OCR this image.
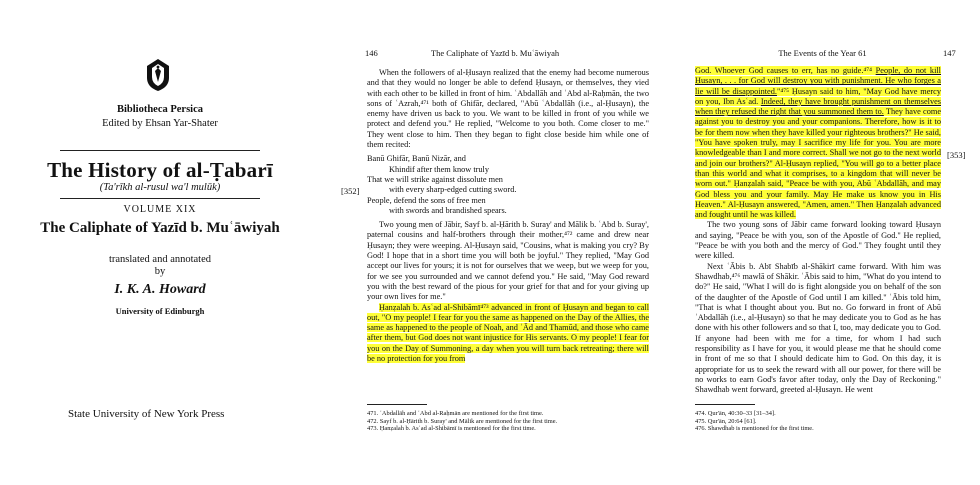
Bibliotheca Persica
Edited by Ehsan Yar-Shater
The History of al-Ṭabarī
(Ta'rīkh al-rusul wa'l mulūk)
VOLUME XIX
The Caliphate of Yazīd b. Muʿāwiyah
translated and annotated
by
I. K. A. Howard
University of Edinburgh
State University of New York Press
146	The Caliphate of Yazīd b. Muʿāwiyah
[352]

When the followers of al-Ḥusayn realized that the enemy had become numerous and that they would no longer be able to defend Ḥusayn, or themselves, they vied with each other to be killed in front of him. ʿAbdallāh and ʿAbd al-Raḥmān, the two sons of ʿAzrah,⁴⁷¹ both of Ghifār, declared, "Abū ʿAbdallāh (i.e., al-Ḥusayn), the enemy have driven us back to you. We want to be killed in front of you while we protect and defend you." He replied, "Welcome to you both. Come closer to me." They went close to him. Then they began to fight close beside him while one of them recited:

Banū Ghifār, Banū Nizār, and
Khindif after them know truly
That we will strike against dissolute men
with every sharp-edged cutting sword.
People, defend the sons of free men
with swords and brandished spears.

Two young men of Jābir, Sayf b. al-Ḥārith b. Suray' and Mālik b. ʿAbd b. Suray', paternal cousins and half-brothers through their mother,⁴⁷² came and drew near Ḥusayn; they were weeping. Al-Ḥusayn said, "Cousins, what is making you cry? By God! I hope that in a short time you will both be joyful." They replied, "May God accept our lives for yours; it is not for ourselves that we weep, but we weep for you, for we see you surrounded and we cannot defend you." He said, "May God reward you with the best reward of the pious for your grief for that and for your giving up your own lives for me."

Ḥanẓalah b. Asʿad al-Shibāmī⁴⁷³ advanced in front of Ḥusayn and began to call out, "O my people! I fear for you the same as happened on the Day of the Allies, the same as happened to the people of Noah, and ʿĀd and Thamūd, and those who came after them, but God does not want injustice for His servants. O my people! I fear for you on the Day of Summoning, a day when you will turn back retreating; there will be no protection for you from

471. ʿAbdallāh and ʿAbd al-Raḥmān are mentioned for the first time.
472. Sayf b. al-Ḥārith b. Suray' and Mālik are mentioned for the first time.
473. Ḥanẓalah b. Asʿad al-Shibāmī is mentioned for the first time.
The Events of the Year 61	147
[353]

God. Whoever God causes to err, has no guide.⁴⁷⁴ People, do not kill Ḥusayn, . . . for God will destroy you with punishment. He who forges a lie will be disappointed."⁴⁷⁵ Ḥusayn said to him, "May God have mercy on you, Ibn Asʿad. Indeed, they have brought punishment on themselves when they refused the right that you summoned them to. They have come against you to destroy you and your companions. Therefore, how is it to be for them now when they have killed your righteous brothers?" He said, "You have spoken truly, may I sacrifice my life for you. You are more knowledgeable than I and more correct. Shall we not go to the next world and join our brothers?" Al-Ḥusayn replied, "You will go to a better place than this world and what it comprises, to a kingdom that will never be worn out." Ḥanẓalah said, "Peace be with you, Abū ʿAbdallāh, and may God bless you and your family. May He make us know you in His Heaven." Al-Ḥusayn answered, "Amen, amen." Then Ḥanẓalah advanced and fought until he was killed.

The two young sons of Jābir came forward looking toward Ḥusayn and saying, "Peace be with you, son of the Apostle of God." He replied, "Peace be with you both and the mercy of God." They fought until they were killed.

Next ʿĀbis b. Abī Shabīb al-Shākirī came forward. With him was Shawdhab,⁴⁷⁶ mawlā of Shākir. ʿĀbis said to him, "What do you intend to do?" He said, "What I will do is fight alongside you on behalf of the son of the daughter of the Apostle of God until I am killed." ʿĀbis told him, "That is what I thought about you. But no. Go forward in front of Abū ʿAbdallāh (i.e., al-Ḥusayn) so that he may dedicate you to God as he has done with his other followers and so that I, too, may dedicate you to God. If anyone had been with me for a time, for whom I had such responsibility as I have for you, it would please me that he should come in front of me so that I should dedicate him to God. On this day, it is appropriate for us to seek the reward with all our power, for there will be no works to earn God's favor after today, only the Day of Reckoning." Shawdhab went forward, greeted al-Ḥusayn. He went

474. Qur'ān, 40:30–33 [31–34].
475. Qur'ān, 20:64 [61].
476. Shawdhab is mentioned for the first time.
